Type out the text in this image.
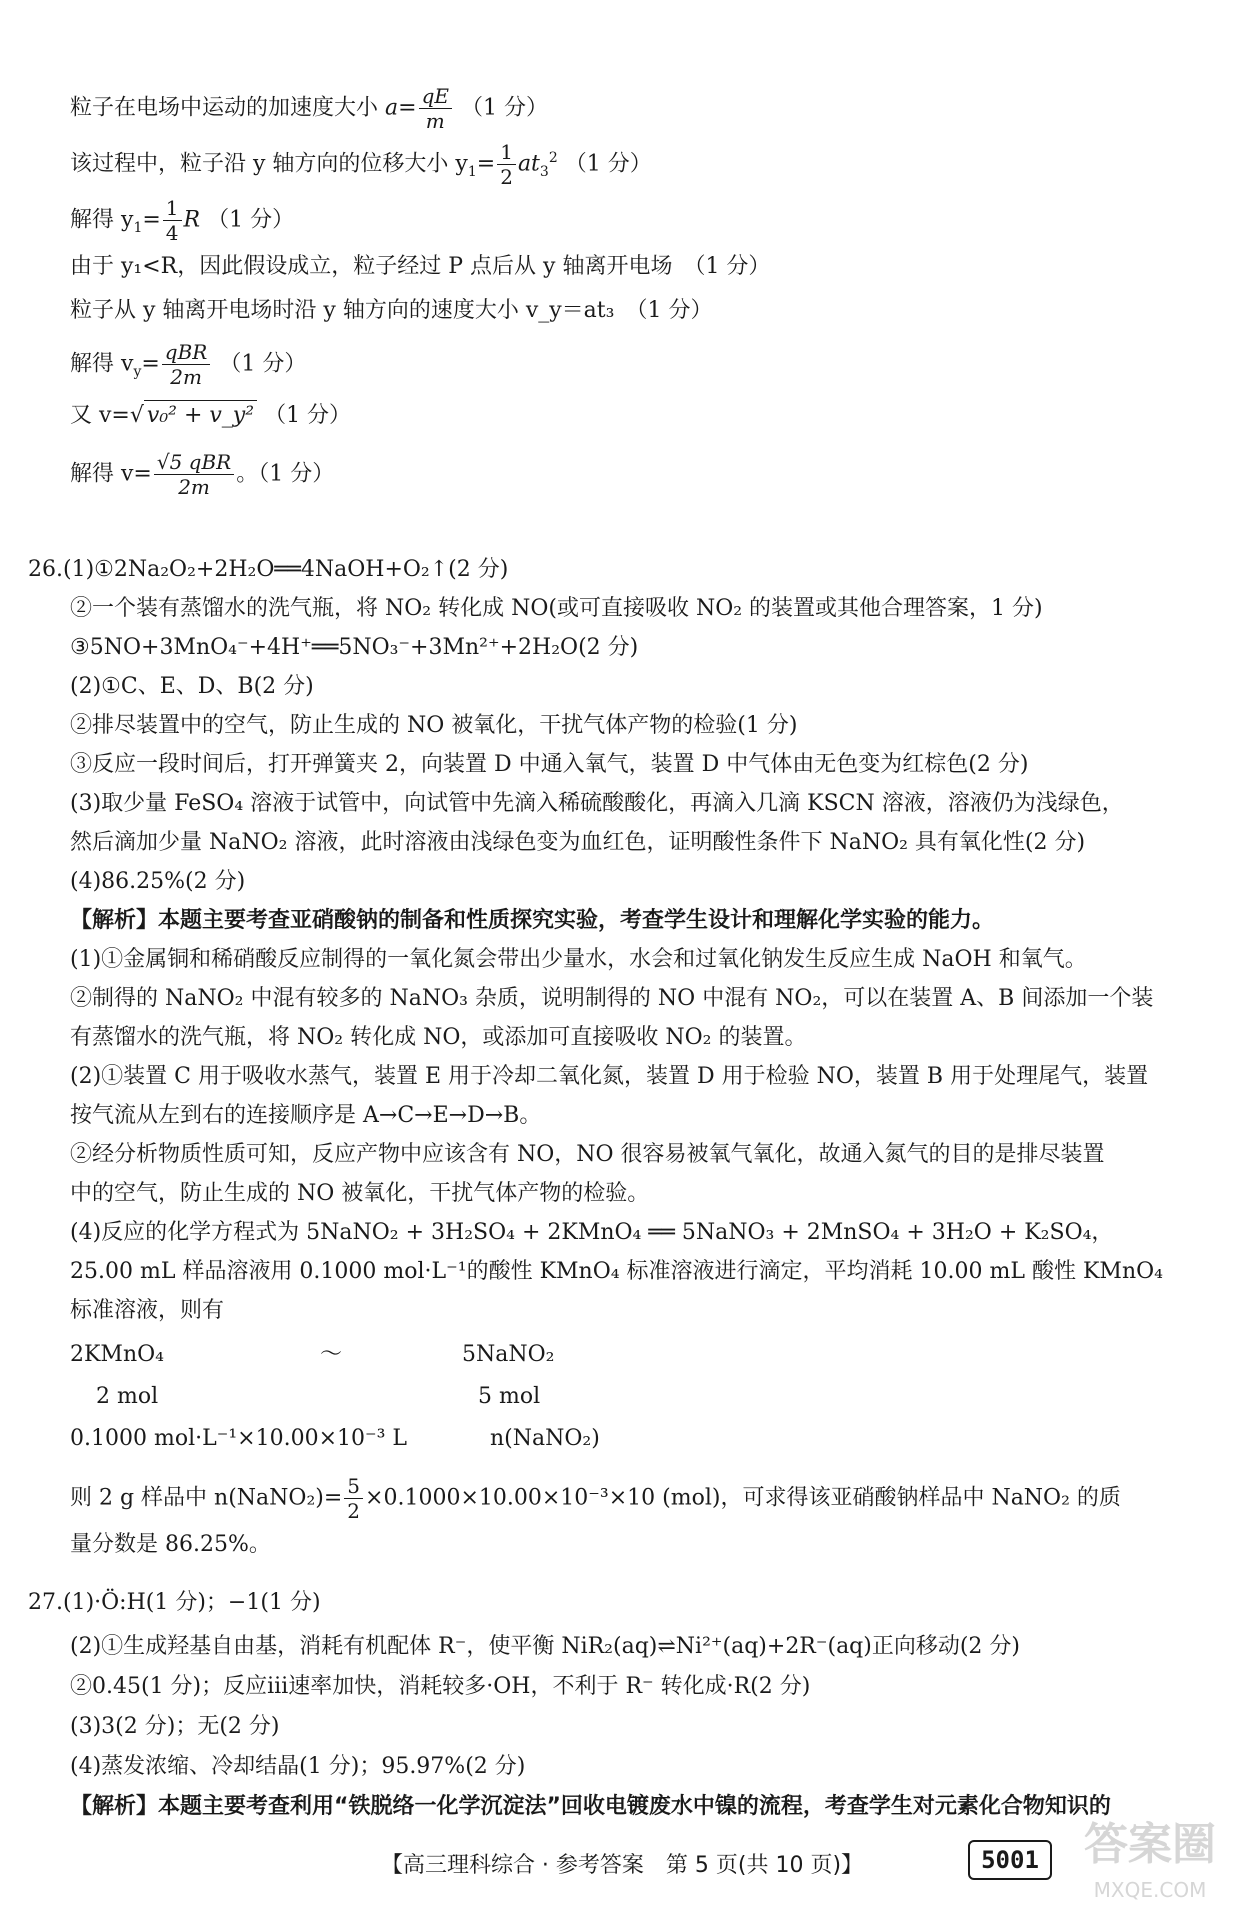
粒子在电场中运动的加速度大小 $a= \frac{qE}{m} (1$ 分）
该过程中，粒子沿 y 轴方向的位移大小 $y_1= \frac{1}{2} at_3^2$ （1 分）
解得 $y_1= \frac{1}{4}$ R （1 分）
由于 y₁<R，因此假设成立，粒子经过 P 点后从 y 轴离开电场　（1 分）
粒子从 y 轴离开电场时沿 y 轴方向的速度大小 v_y＝at₃　（1 分）
解得 $v_y= \frac{\text{qBR}}{2m} (1$ 分）
又 v=√ v₀² + v_y² （1 分）
解得 $v= \frac{\text{√5 qBR}}{2m}$ 。（1 分）
26.(1)①2Na₂O₂+2H₂O══4NaOH+O₂↑(2 分)
②一个装有蒸馏水的洗气瓶，将 NO₂ 转化成 NO(或可直接吸收 NO₂ 的装置或其他合理答案，1 分)
③5NO+3MnO₄⁻+4H⁺══5NO₃⁻+3Mn²⁺+2H₂O(2 分)
(2)①C、E、D、B(2 分)
②排尽装置中的空气，防止生成的 NO 被氧化，干扰气体产物的检验(1 分)
③反应一段时间后，打开弹簧夹 2，向装置 D 中通入氧气，装置 D 中气体由无色变为红棕色(2 分)
(3)取少量 FeSO₄ 溶液于试管中，向试管中先滴入稀硫酸酸化，再滴入几滴 KSCN 溶液，溶液仍为浅绿色，
然后滴加少量 NaNO₂ 溶液，此时溶液由浅绿色变为血红色，证明酸性条件下 NaNO₂ 具有氧化性(2 分)
(4)86.25%(2 分)
【解析】本题主要考查亚硝酸钠的制备和性质探究实验，考查学生设计和理解化学实验的能力。
(1)①金属铜和稀硝酸反应制得的一氧化氮会带出少量水，水会和过氧化钠发生反应生成 NaOH 和氧气。
②制得的 NaNO₂ 中混有较多的 NaNO₃ 杂质，说明制得的 NO 中混有 NO₂，可以在装置 A、B 间添加一个装
有蒸馏水的洗气瓶，将 NO₂ 转化成 NO，或添加可直接吸收 NO₂ 的装置。
(2)①装置 C 用于吸收水蒸气，装置 E 用于冷却二氧化氮，装置 D 用于检验 NO，装置 B 用于处理尾气，装置
按气流从左到右的连接顺序是 A→C→E→D→B。
②经分析物质性质可知，反应产物中应该含有 NO，NO 很容易被氧气氧化，故通入氮气的目的是排尽装置
中的空气，防止生成的 NO 被氧化，干扰气体产物的检验。
(4)反应的化学方程式为 5NaNO₂ + 3H₂SO₄ + 2KMnO₄ ══ 5NaNO₃ + 2MnSO₄ + 3H₂O + K₂SO₄，
25.00 mL 样品溶液用 0.1000 mol·L⁻¹的酸性 KMnO₄ 标准溶液进行滴定，平均消耗 10.00 mL 酸性 KMnO₄
标准溶液，则有
2KMnO₄	～	5NaNO₂
2 mol	5 mol
0.1000 mol·L⁻¹×10.00×10⁻³ L	n(NaNO₂)
则 2 g 样品中 n(NaNO₂)= $\frac{5}{2} \times 0.1000\times 10.00\times 10^{-3}\times 10$ (mol)，可求得该亚硝酸钠样品中 NaNO₂ 的质
量分数是 86.25%。
27.(1)·Ö:H(1 分)；−1(1 分)
(2)①生成羟基自由基，消耗有机配体 R⁻，使平衡 NiR₂(aq)⇌Ni²⁺(aq)+2R⁻(aq)正向移动(2 分)
②0.45(1 分)；反应ⅲ速率加快，消耗较多·OH，不利于 R⁻ 转化成·R(2 分)
(3)3(2 分)；无(2 分)
(4)蒸发浓缩、冷却结晶(1 分)；95.97%(2 分)
【解析】本题主要考查利用“铁脱络一化学沉淀法”回收电镀废水中镍的流程，考查学生对元素化合物知识的
【高三理科综合 · 参考答案　第 5 页(共 10 页)】	5001	答案圈
MXQE.COM
